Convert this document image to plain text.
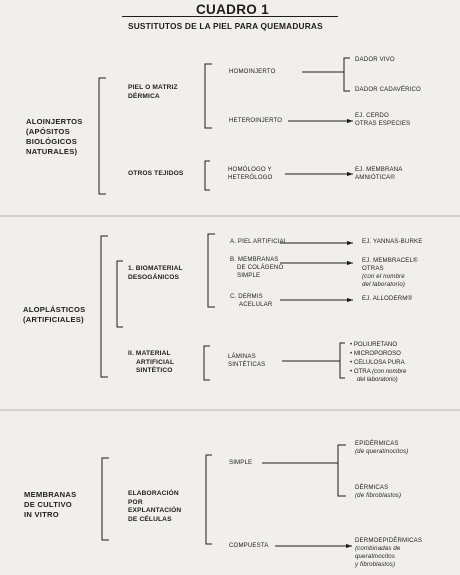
CUADRO 1
SUSTITUTOS DE LA PIEL PARA QUEMADURAS
ALOINJERTOS
(APÓSITOS
BIOLÓGICOS
NATURALES)
PIEL O MATRIZ
DÉRMICA
HOMOINJERTO
DADOR VIVO
DADOR CADAVÉRICO
HETEROINJERTO
EJ. CERDO
OTRAS ESPECIES
OTROS TEJIDOS
HOMÓLOGO Y
HETERÓLOGO
EJ. MEMBRANA
AMNIÓTICA®
ALOPLÁSTICOS
(ARTIFICIALES)
1. BIOMATERIAL
DESOGÁNICOS
A. PIEL ARTIFICIAL	EJ. YANNAS-BURKE
B. MEMBRANAS
DE COLÁGENO
SIMPLE
EJ. MEMBRACEL®
OTRAS
(con el nombre
del laboratorio)
C. DERMIS
ACELULAR
EJ. ALLODERM®
II. MATERIAL
ARTIFICIAL
SINTÉTICO
LÁMINAS
SINTÉTICAS
• POLIURETANO
• MICROPOROSO
• CELULOSA PURA
• OTRA (con nombre
del laboratorio)
MEMBRANAS
DE CULTIVO
IN VITRO
ELABORACIÓN
POR
EXPLANTACIÓN
DE CÉLULAS
SIMPLE
EPIDÉRMICAS
(de queratinocitos)
DÉRMICAS
(de fibroblastos)
COMPUESTA
DERMOEPIDÉRMICAS
(combinadas de
queratinocitos
y fibroblastos)
